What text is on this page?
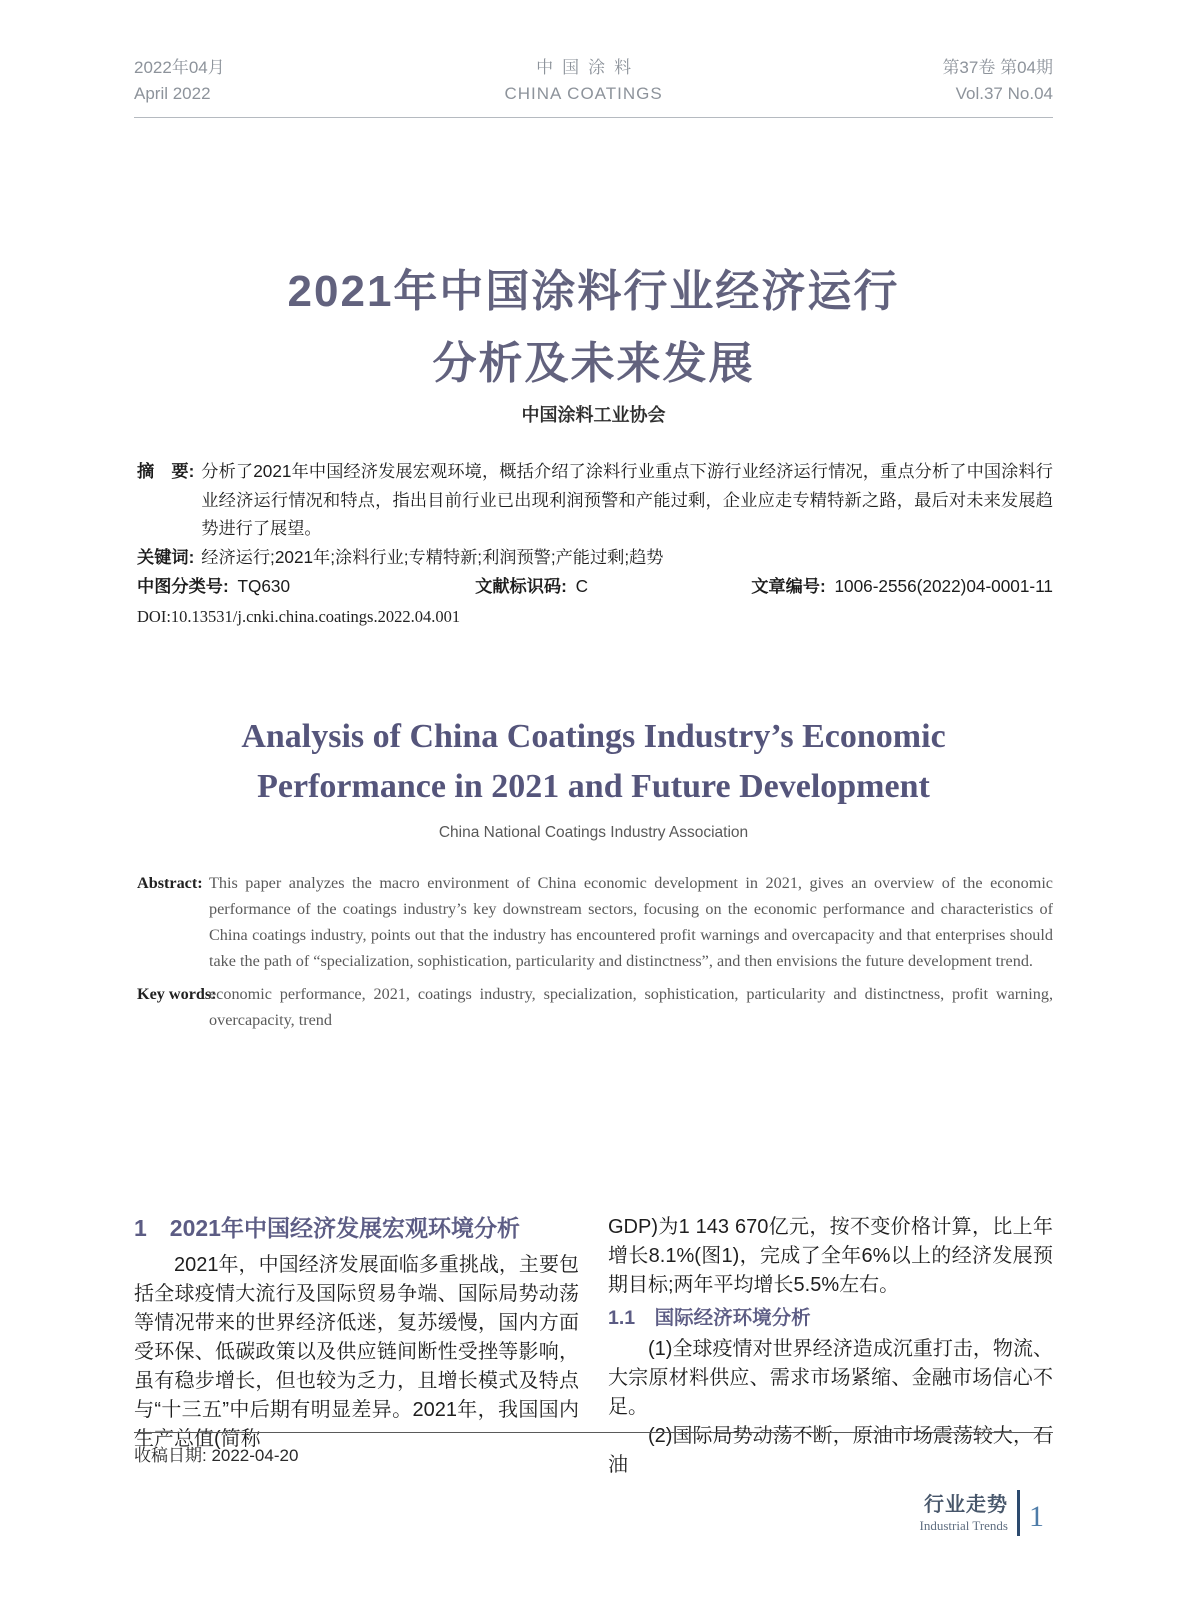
2022年04月
April 2022
中国涂料
CHINA COATINGS
第37卷 第04期
Vol.37 No.04
2021年中国涂料行业经济运行
分析及未来发展
中国涂料工业协会
摘　要: 分析了2021年中国经济发展宏观环境，概括介绍了涂料行业重点下游行业经济运行情况，重点分析了中国涂料行业经济运行情况和特点，指出目前行业已出现利润预警和产能过剩，企业应走专精特新之路，最后对未来发展趋势进行了展望。
关键词: 经济运行;2021年;涂料行业;专精特新;利润预警;产能过剩;趋势
中图分类号: TQ630	文献标识码: C	文章编号: 1006-2556(2022)04-0001-11
DOI:10.13531/j.cnki.china.coatings.2022.04.001
Analysis of China Coatings Industry’s Economic
Performance in 2021 and Future Development
China National Coatings Industry Association
Abstract: This paper analyzes the macro environment of China economic development in 2021, gives an overview of the economic performance of the coatings industry’s key downstream sectors, focusing on the economic performance and characteristics of China coatings industry, points out that the industry has encountered profit warnings and overcapacity and that enterprises should take the path of “specialization, sophistication, particularity and distinctness”, and then envisions the future development trend.
Key words:
economic performance, 2021, coatings industry, specialization, sophistication, particularity and distinctness, profit warning, overcapacity, trend
1　2021年中国经济发展宏观环境分析
2021年，中国经济发展面临多重挑战，主要包括全球疫情大流行及国际贸易争端、国际局势动荡等情况带来的世界经济低迷，复苏缓慢，国内方面受环保、低碳政策以及供应链间断性受挫等影响，虽有稳步增长，但也较为乏力，且增长模式及特点与“十三五”中后期有明显差异。2021年，我国国内生产总值(简称
GDP)为1 143 670亿元，按不变价格计算，比上年增长8.1%(图1)，完成了全年6%以上的经济发展预期目标;两年平均增长5.5%左右。
1.1　国际经济环境分析
(1)全球疫情对世界经济造成沉重打击，物流、大宗原材料供应、需求市场紧缩、金融市场信心不足。
(2)国际局势动荡不断，原油市场震荡较大，石油
收稿日期: 2022-04-20
行业走势
Industrial Trends 1
